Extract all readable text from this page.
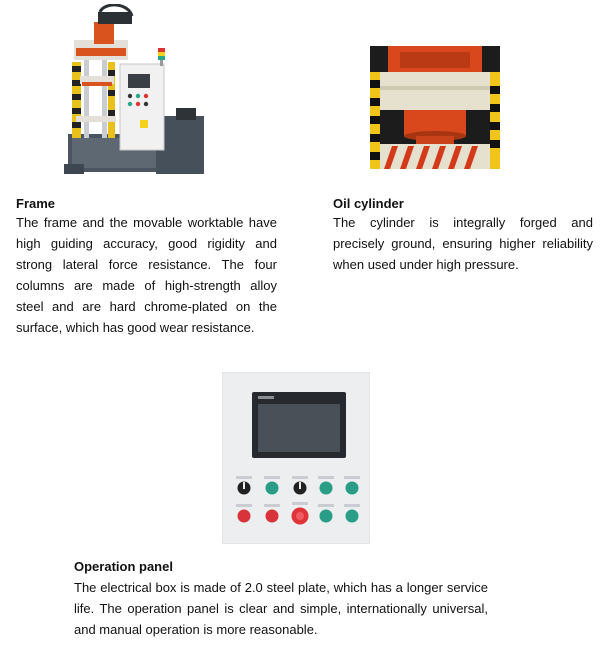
Frame
The frame and the movable worktable have high guiding accuracy, good rigidity and strong lateral force resistance. The four columns are made of high-strength alloy steel and are hard chrome-plated on the surface, which has good wear resistance.
Oil cylinder
The cylinder is integrally forged and precisely ground, ensuring higher reliability when used under high pressure.
Operation panel
The electrical box is made of 2.0 steel plate, which has a longer service life. The operation panel is clear and simple, internationally universal, and manual operation is more reasonable.
